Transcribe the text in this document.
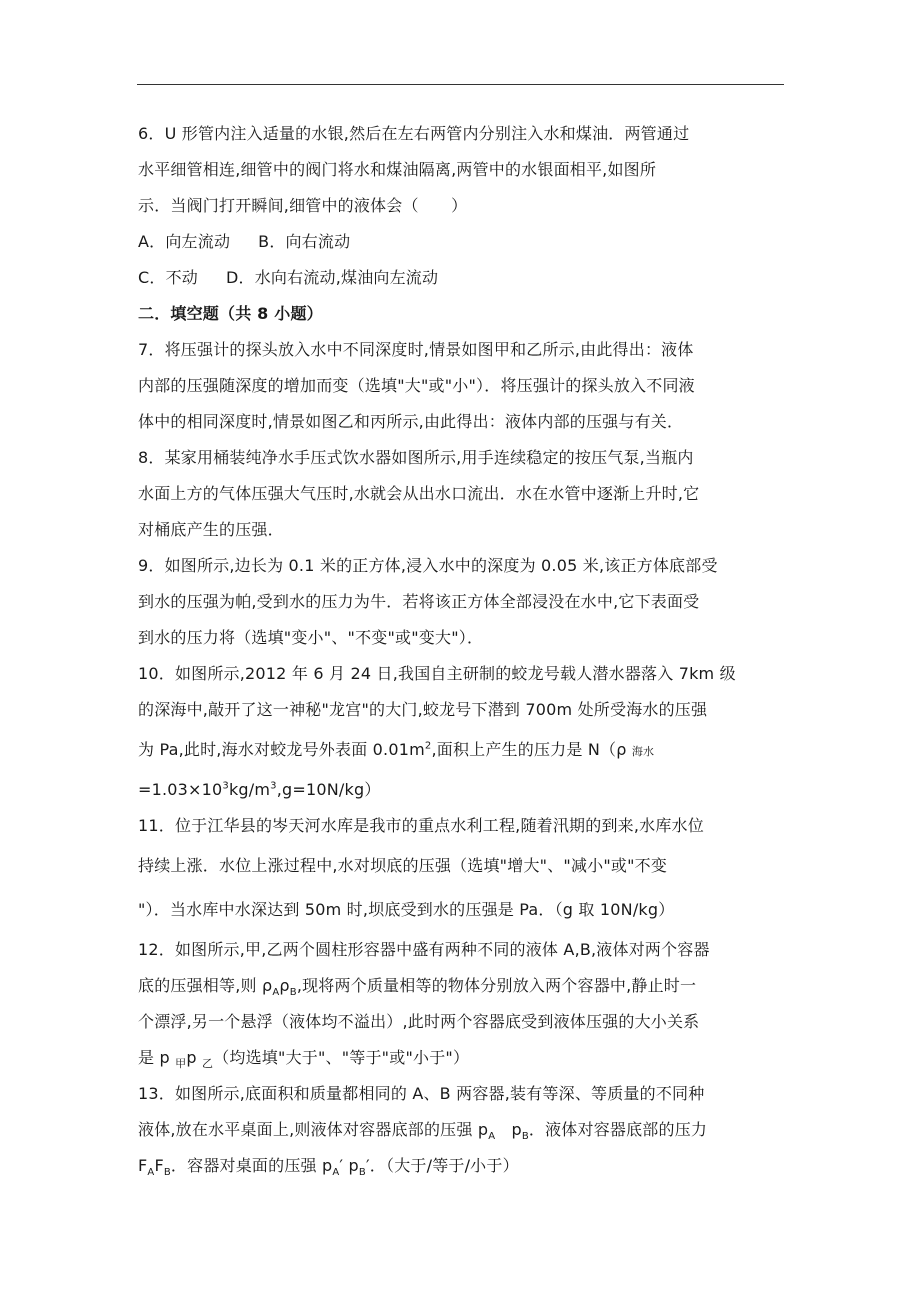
6．U 形管内注入适量的水银,然后在左右两管内分别注入水和煤油．两管通过
水平细管相连,细管中的阀门将水和煤油隔离,两管中的水银面相平,如图所
示．当阀门打开瞬间,细管中的液体会（　　）
A．向左流动 B．向右流动
C．不动 D．水向右流动,煤油向左流动
二．填空题（共 8 小题）
7．将压强计的探头放入水中不同深度时,情景如图甲和乙所示,由此得出：液体
内部的压强随深度的增加而变（选填"大"或"小"）．将压强计的探头放入不同液
体中的相同深度时,情景如图乙和丙所示,由此得出：液体内部的压强与有关．
8．某家用桶装纯净水手压式饮水器如图所示,用手连续稳定的按压气泵,当瓶内
水面上方的气体压强大气压时,水就会从出水口流出．水在水管中逐渐上升时,它
对桶底产生的压强．
9．如图所示,边长为 0.1 米的正方体,浸入水中的深度为 0.05 米,该正方体底部受
到水的压强为帕,受到水的压力为牛．若将该正方体全部浸没在水中,它下表面受
到水的压力将（选填"变小"、"不变"或"变大"）．
10．如图所示,2012 年 6 月 24 日,我国自主研制的蛟龙号载人潜水器落入 7km 级
的深海中,敲开了这一神秘"龙宫"的大门,蛟龙号下潜到 700m 处所受海水的压强
为 Pa,此时,海水对蛟龙号外表面 $0.01m^2$,面积上产生的压力是 N（ρ 海水
$=1.03\times 10^3kg/m^3,g=10N/kg$）
11．位于江华县的岑天河水库是我市的重点水利工程,随着汛期的到来,水库水位
持续上涨．水位上涨过程中,水对坝底的压强（选填"增大"、"减小"或"不变
"）．当水库中水深达到 50m 时,坝底受到水的压强是 Pa．（g 取 10N/kg）
12．如图所示,甲,乙两个圆柱形容器中盛有两种不同的液体 A,B,液体对两个容器
底的压强相等,则 $\rho_A\rho_B$,现将两个质量相等的物体分别放入两个容器中,静止时一
个漂浮,另一个悬浮（液体均不溢出）,此时两个容器底受到液体压强的大小关系
是 p $_甲$p $_乙$（均选填"大于"、"等于"或"小于"）
13．如图所示,底面积和质量都相同的 A、B 两容器,装有等深、等质量的不同种
液体,放在水平桌面上,则液体对容器底部的压强 $p_A$　$p_B$．液体对容器底部的压力
$F_AF_B$．容器对桌面的压强 $p_A'$ $p_B'$．（大于/等于/小于）
